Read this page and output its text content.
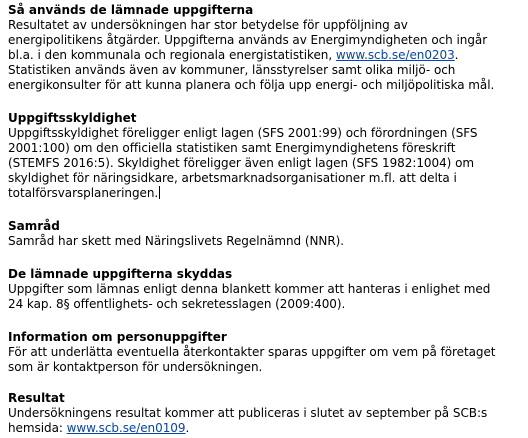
Så används de lämnade uppgifterna
Resultatet av undersökningen har stor betydelse för uppföljning av
energipolitikens åtgärder. Uppgifterna används av Energimyndigheten och ingår
bl.a. i den kommunala och regionala energistatistiken, www.scb.se/en0203.
Statistiken används även av kommuner, länsstyrelser samt olika miljö- och
energikonsulter för att kunna planera och följa upp energi- och miljöpolitiska mål.
Uppgiftsskyldighet
Uppgiftsskyldighet föreligger enligt lagen (SFS 2001:99) och förordningen (SFS
2001:100) om den officiella statistiken samt Energimyndighetens föreskrift
(STEMFS 2016:5). Skyldighet föreligger även enligt lagen (SFS 1982:1004) om
skyldighet för näringsidkare, arbetsmarknadsorganisationer m.fl. att delta i
totalförsvarsplaneringen.
Samråd
Samråd har skett med Näringslivets Regelnämnd (NNR).
De lämnade uppgifterna skyddas
Uppgifter som lämnas enligt denna blankett kommer att hanteras i enlighet med
24 kap. 8§ offentlighets- och sekretesslagen (2009:400).
Information om personuppgifter
För att underlätta eventuella återkontakter sparas uppgifter om vem på företaget
som är kontaktperson för undersökningen.
Resultat
Undersökningens resultat kommer att publiceras i slutet av september på SCB:s
hemsida: www.scb.se/en0109.
